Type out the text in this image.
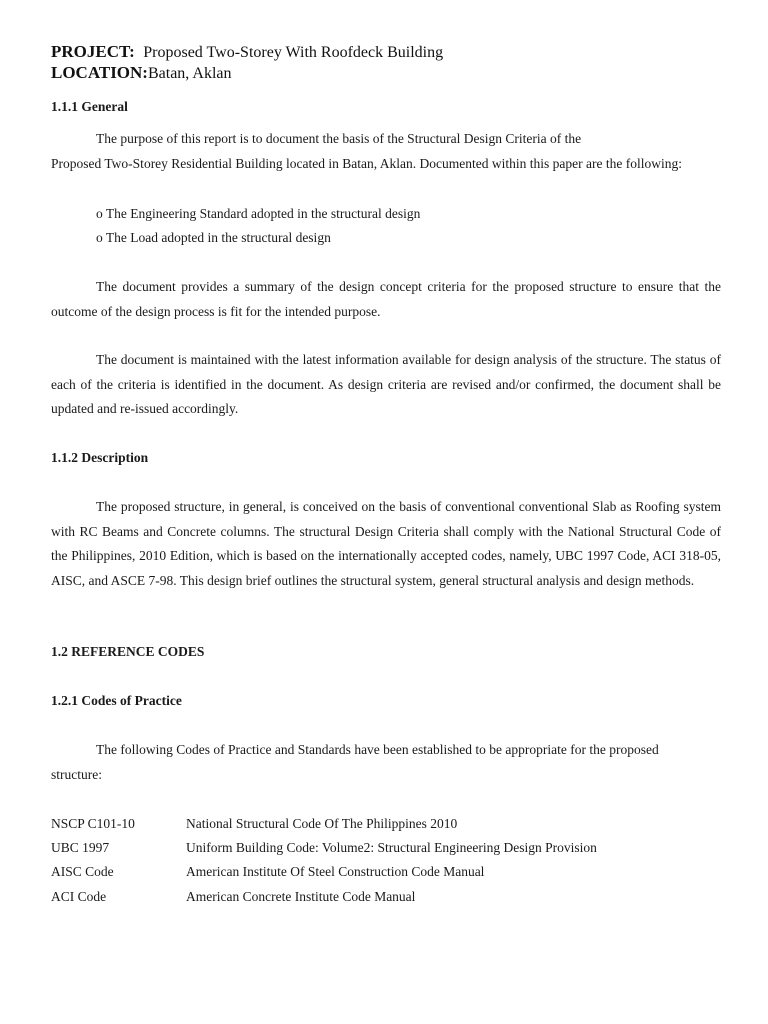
PROJECT: Proposed Two-Storey With Roofdeck Building
LOCATION:Batan, Aklan
1.1.1 General
The purpose of this report is to document the basis of the Structural Design Criteria of the
Proposed Two-Storey Residential Building located in Batan, Aklan. Documented within this paper are the following:
o The Engineering Standard adopted in the structural design
o The Load adopted in the structural design
The document provides a summary of the design concept criteria for the proposed structure to ensure that the outcome of the design process is fit for the intended purpose.
The document is maintained with the latest information available for design analysis of the structure. The status of each of the criteria is identified in the document. As design criteria are revised and/or confirmed, the document shall be updated and re-issued accordingly.
1.1.2 Description
The proposed structure, in general, is conceived on the basis of conventional conventional Slab as Roofing system with RC Beams and Concrete columns. The structural Design Criteria shall comply with the National Structural Code of the Philippines, 2010 Edition, which is based on the internationally accepted codes, namely, UBC 1997 Code, ACI 318-05, AISC, and ASCE 7-98. This design brief outlines the structural system, general structural analysis and design methods.
1.2 REFERENCE CODES
1.2.1 Codes of Practice
The following Codes of Practice and Standards have been established to be appropriate for the proposed
structure:
NSCP C101-10	National Structural Code Of The Philippines 2010
UBC 1997	Uniform Building Code: Volume2: Structural Engineering Design Provision
AISC Code	American Institute Of Steel Construction Code Manual
ACI Code	American Concrete Institute Code Manual
